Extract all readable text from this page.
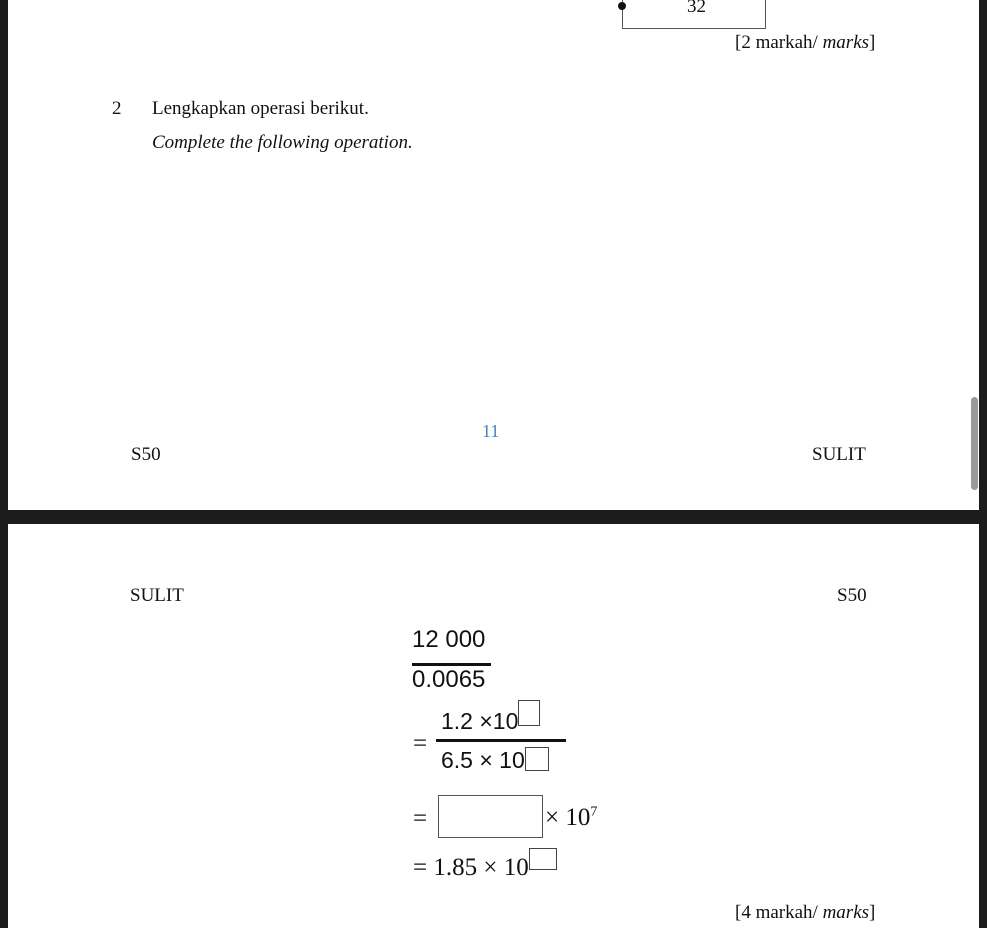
32
[2 markah/ marks]
2 Lengkapkan operasi berikut.
Complete the following operation.
11
S50	SULIT
SULIT	S50
12 000
0.0065
=
1.2 ×10
6.5 × 10
=	× $10^7$
= 1.85 × 10
[4 markah/ marks]
